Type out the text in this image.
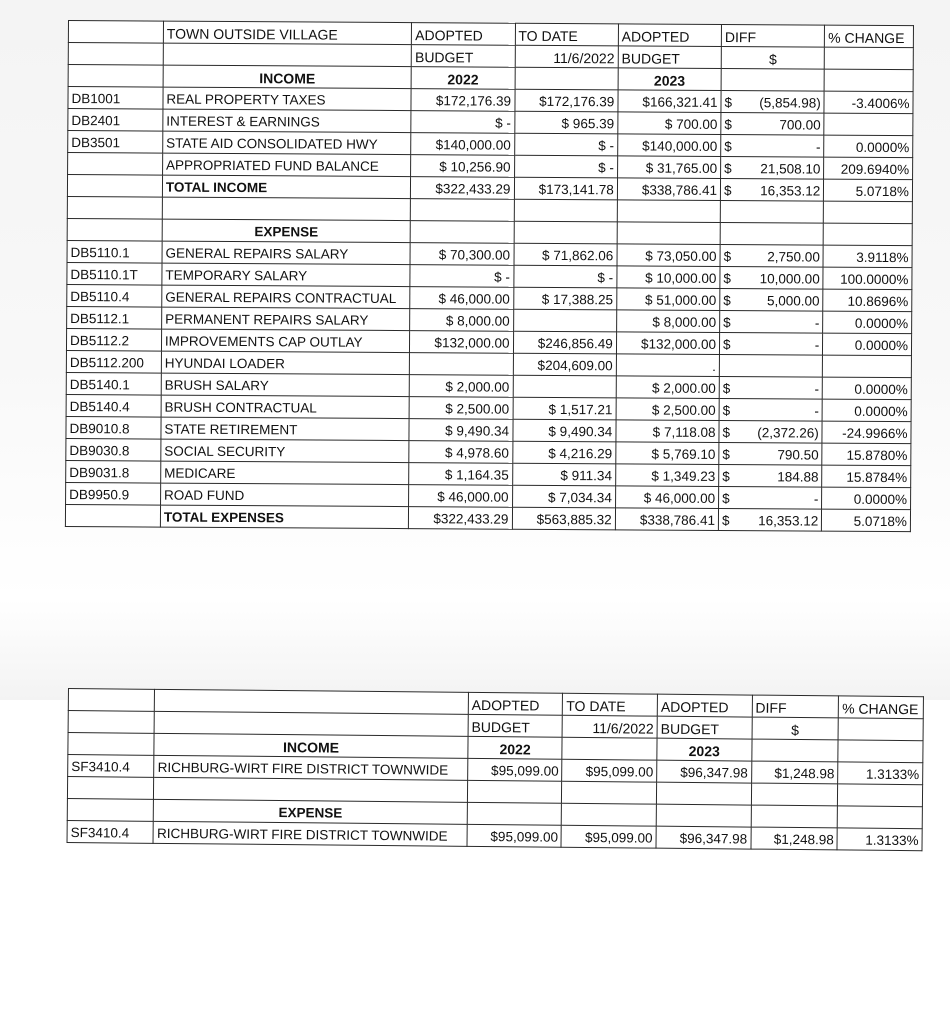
	TOWN OUTSIDE VILLAGE	ADOPTED	TO DATE	ADOPTED	DIFF	% CHANGE
		BUDGET	11/6/2022	BUDGET	$	
	INCOME	2022		2023		
DB1001	REAL PROPERTY TAXES	$172,176.39	$172,176.39	$166,321.41	$ (5,854.98)	-3.4006%
DB2401	INTEREST & EARNINGS	$ -	$ 965.39	$ 700.00	$ 700.00	

DB3501	STATE AID CONSOLIDATED HWY	$140,000.00	$ -	$140,000.00	$ -	0.0000%
	APPROPRIATED FUND BALANCE	$ 10,256.90	$ -	$ 31,765.00	$ 21,508.10	209.6940%
	TOTAL INCOME	$322,433.29	$173,141.78	$338,786.41	$ 16,353.12	5.0718%

	EXPENSE					
DB5110.1	GENERAL REPAIRS SALARY	$ 70,300.00	$ 71,862.06	$ 73,050.00	$ 2,750.00	3.9118%
DB5110.1T	TEMPORARY SALARY	$ -	$ -	$ 10,000.00	$ 10,000.00	100.0000%
DB5110.4	GENERAL REPAIRS CONTRACTUAL	$ 46,000.00	$ 17,388.25	$ 51,000.00	$ 5,000.00	10.8696%
DB5112.1	PERMANENT REPAIRS SALARY	$ 8,000.00		$ 8,000.00	$ -	0.0000%
DB5112.2	IMPROVEMENTS CAP OUTLAY	$132,000.00	$246,856.49	$132,000.00	$ -	0.0000%
DB5112.200	HYUNDAI LOADER		$204,609.00	.	

DB5140.1	BRUSH SALARY	$ 2,000.00		$ 2,000.00	$ -	0.0000%
DB5140.4	BRUSH CONTRACTUAL	$ 2,500.00	$ 1,517.21	$ 2,500.00	$ -	0.0000%
DB9010.8	STATE RETIREMENT	$ 9,490.34	$ 9,490.34	$ 7,118.08	$ (2,372.26)	-24.9966%
DB9030.8	SOCIAL SECURITY	$ 4,978.60	$ 4,216.29	$ 5,769.10	$ 790.50	15.8780%
DB9031.8	MEDICARE	$ 1,164.35	$ 911.34	$ 1,349.23	$ 184.88	15.8784%
DB9950.9	ROAD FUND	$ 46,000.00	$ 7,034.34	$ 46,000.00	$ -	0.0000%
	TOTAL EXPENSES	$322,433.29	$563,885.32	$338,786.41	$ 16,353.12	5.0718%
		ADOPTED	TO DATE	ADOPTED	DIFF	% CHANGE
		BUDGET	11/6/2022	BUDGET	$	
	INCOME	2022		2023		
SF3410.4	RICHBURG-WIRT FIRE DISTRICT TOWNWIDE	$95,099.00	$95,099.00	$96,347.98	$1,248.98	1.3133%

	EXPENSE					
SF3410.4	RICHBURG-WIRT FIRE DISTRICT TOWNWIDE	$95,099.00	$95,099.00	$96,347.98	$1,248.98	1.3133%
